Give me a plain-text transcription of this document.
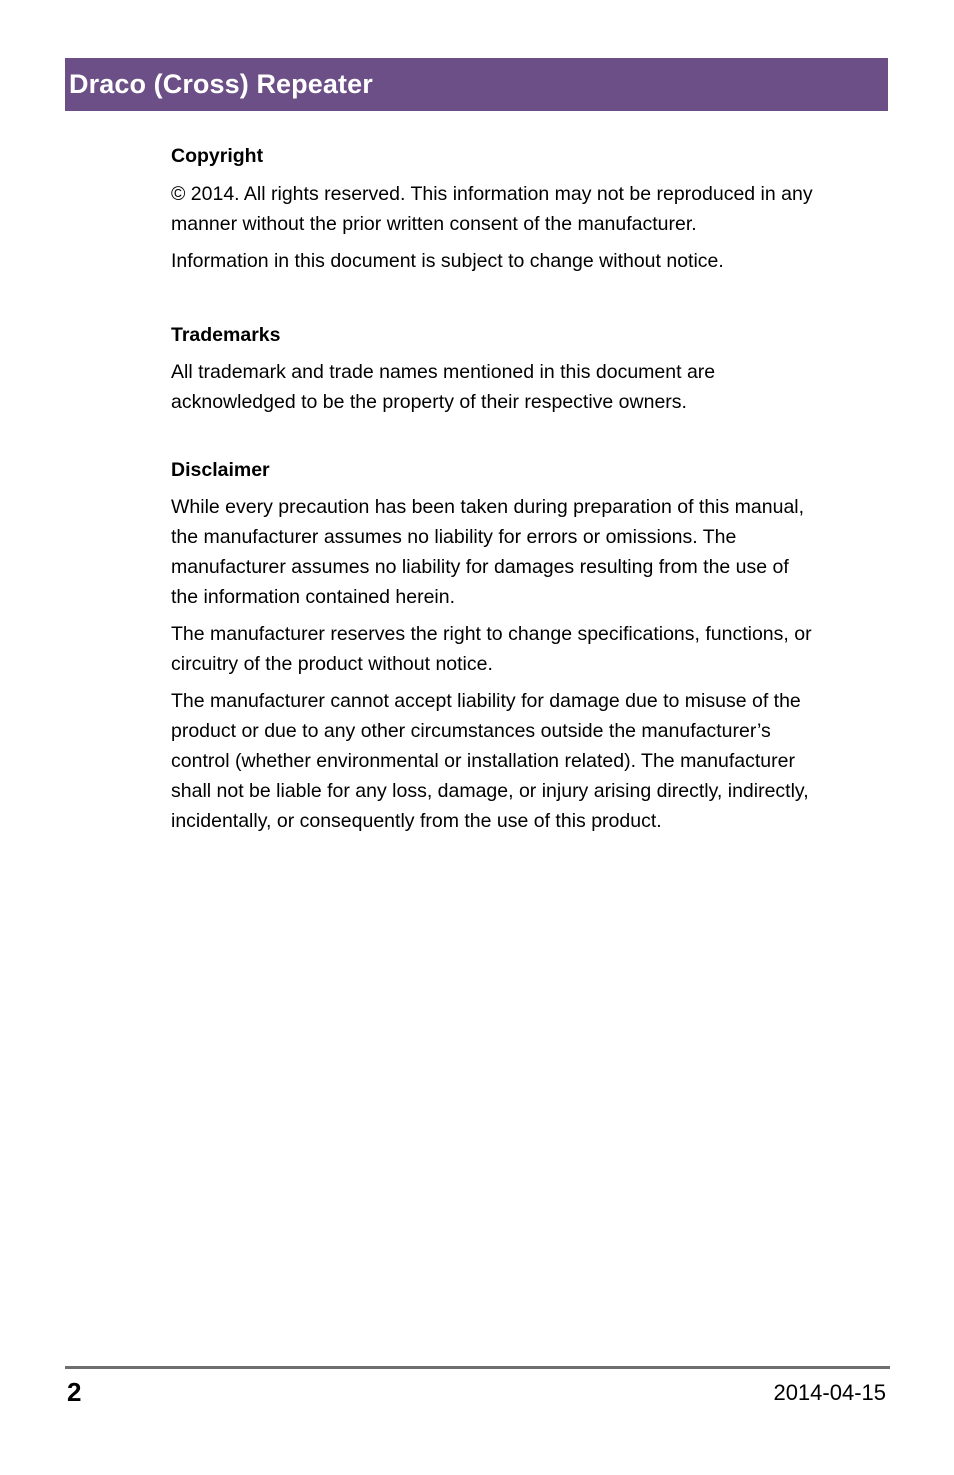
Draco (Cross) Repeater
Copyright
© 2014. All rights reserved. This information may not be reproduced in any
manner without the prior written consent of the manufacturer.
Information in this document is subject to change without notice.
Trademarks
All trademark and trade names mentioned in this document are
acknowledged to be the property of their respective owners.
Disclaimer
While every precaution has been taken during preparation of this manual,
the manufacturer assumes no liability for errors or omissions. The
manufacturer assumes no liability for damages resulting from the use of
the information contained herein.
The manufacturer reserves the right to change specifications, functions, or
circuitry of the product without notice.
The manufacturer cannot accept liability for damage due to misuse of the
product or due to any other circumstances outside the manufacturer’s
control (whether environmental or installation related). The manufacturer
shall not be liable for any loss, damage, or injury arising directly, indirectly,
incidentally, or consequently from the use of this product.
2	2014-04-15
